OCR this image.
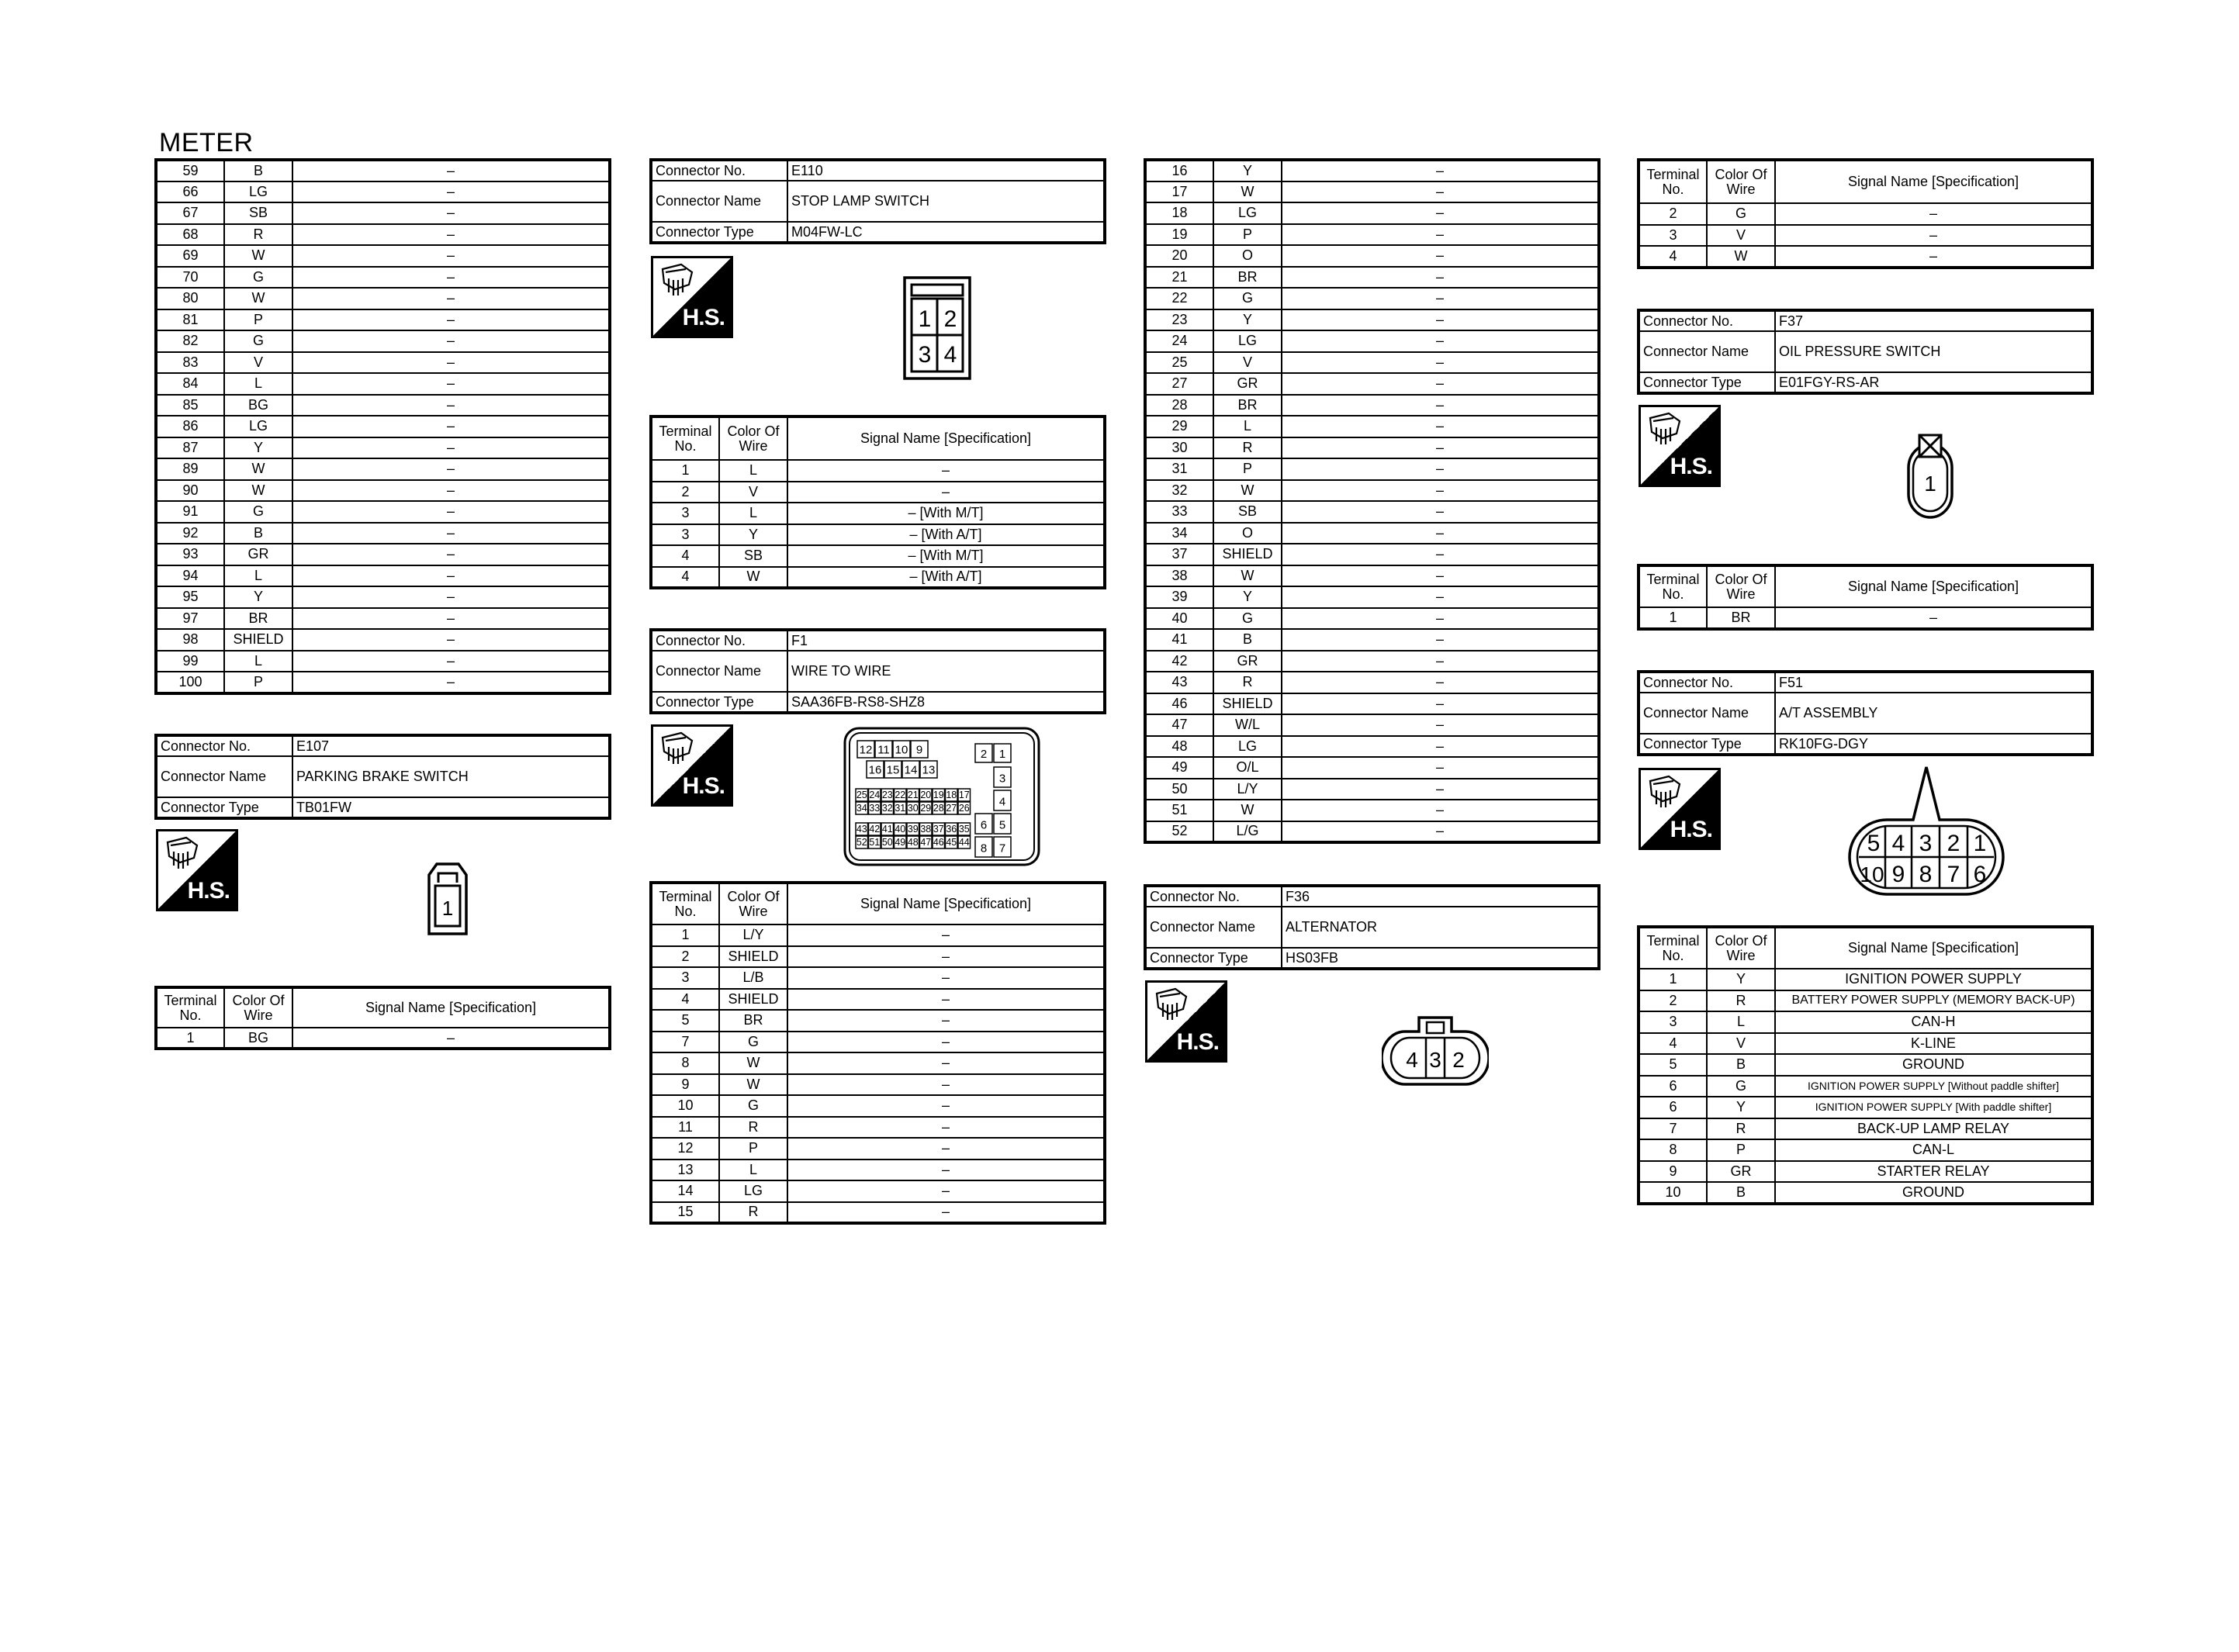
METER
59	B	–
66	LG	–
67	SB	–
68	R	–
69	W	–
70	G	–
80	W	–
81	P	–
82	G	–
83	V	–
84	L	–
85	BG	–
86	LG	–
87	Y	–
89	W	–
90	W	–
91	G	–
92	B	–
93	GR	–
94	L	–
95	Y	–
97	BR	–
98	SHIELD	–
99	L	–
100	P	–
Connector No.	E107
Connector Name	PARKING BRAKE SWITCH
Connector Type	TB01FW
H.S.
1
Terminal No.	Color Of Wire	Signal Name [Specification]
1	BG	–
Connector No.	E110
Connector Name	STOP LAMP SWITCH
Connector Type	M04FW-LC
H.S.	1 2
3 4
Terminal No.	Color Of Wire	Signal Name [Specification]
1	L	–
2	V	–
3	L	– [With M/T]
3	Y	– [With A/T]
4	SB	– [With M/T]
4	W	– [With A/T]
Connector No.	F1
Connector Name	WIRE TO WIRE
Connector Type	SAA36FB-RS8-SHZ8
H.S.
12 11 10 9
16 15 14 13
2 1
3
4
6 5
8 7
25 24 23 22 21 20 19 18 17
34 33 32 31 30 29 28 27 26
43 42 41 40 39 38 37 36 35
52 51 50 49 48 47 46 45 44
Terminal No.	Color Of Wire	Signal Name [Specification]
1	L/Y	–
2	SHIELD	–
3	L/B	–
4	SHIELD	–
5	BR	–
7	G	–
8	W	–
9	W	–
10	G	–
11	R	–
12	P	–
13	L	–
14	LG	–
15	R	–
16	Y	–
17	W	–
18	LG	–
19	P	–
20	O	–
21	BR	–
22	G	–
23	Y	–
24	LG	–
25	V	–
27	GR	–
28	BR	–
29	L	–
30	R	–
31	P	–
32	W	–
33	SB	–
34	O	–
37	SHIELD	–
38	W	–
39	Y	–
40	G	–
41	B	–
42	GR	–
43	R	–
46	SHIELD	–
47	W/L	–
48	LG	–
49	O/L	–
50	L/Y	–
51	W	–
52	L/G	–
Connector No.	F36
Connector Name	ALTERNATOR
Connector Type	HS03FB
H.S.
4 3 2
Terminal No.	Color Of Wire	Signal Name [Specification]
2	G	–
3	V	–
4	W	–
Connector No.	F37
Connector Name	OIL PRESSURE SWITCH
Connector Type	E01FGY-RS-AR
H.S.
1
Terminal No.	Color Of Wire	Signal Name [Specification]
1	BR	–
Connector No.	F51
Connector Name	A/T ASSEMBLY
Connector Type	RK10FG-DGY
H.S.
5 4 3 2 1
10 9 8 7 6
Terminal No.	Color Of Wire	Signal Name [Specification]
1	Y	IGNITION POWER SUPPLY
2	R	BATTERY POWER SUPPLY (MEMORY BACK-UP)
3	L	CAN-H
4	V	K-LINE
5	B	GROUND
6	G	IGNITION POWER SUPPLY [Without paddle shifter]
6	Y	IGNITION POWER SUPPLY [With paddle shifter]
7	R	BACK-UP LAMP RELAY
8	P	CAN-L
9	GR	STARTER RELAY
10	B	GROUND
